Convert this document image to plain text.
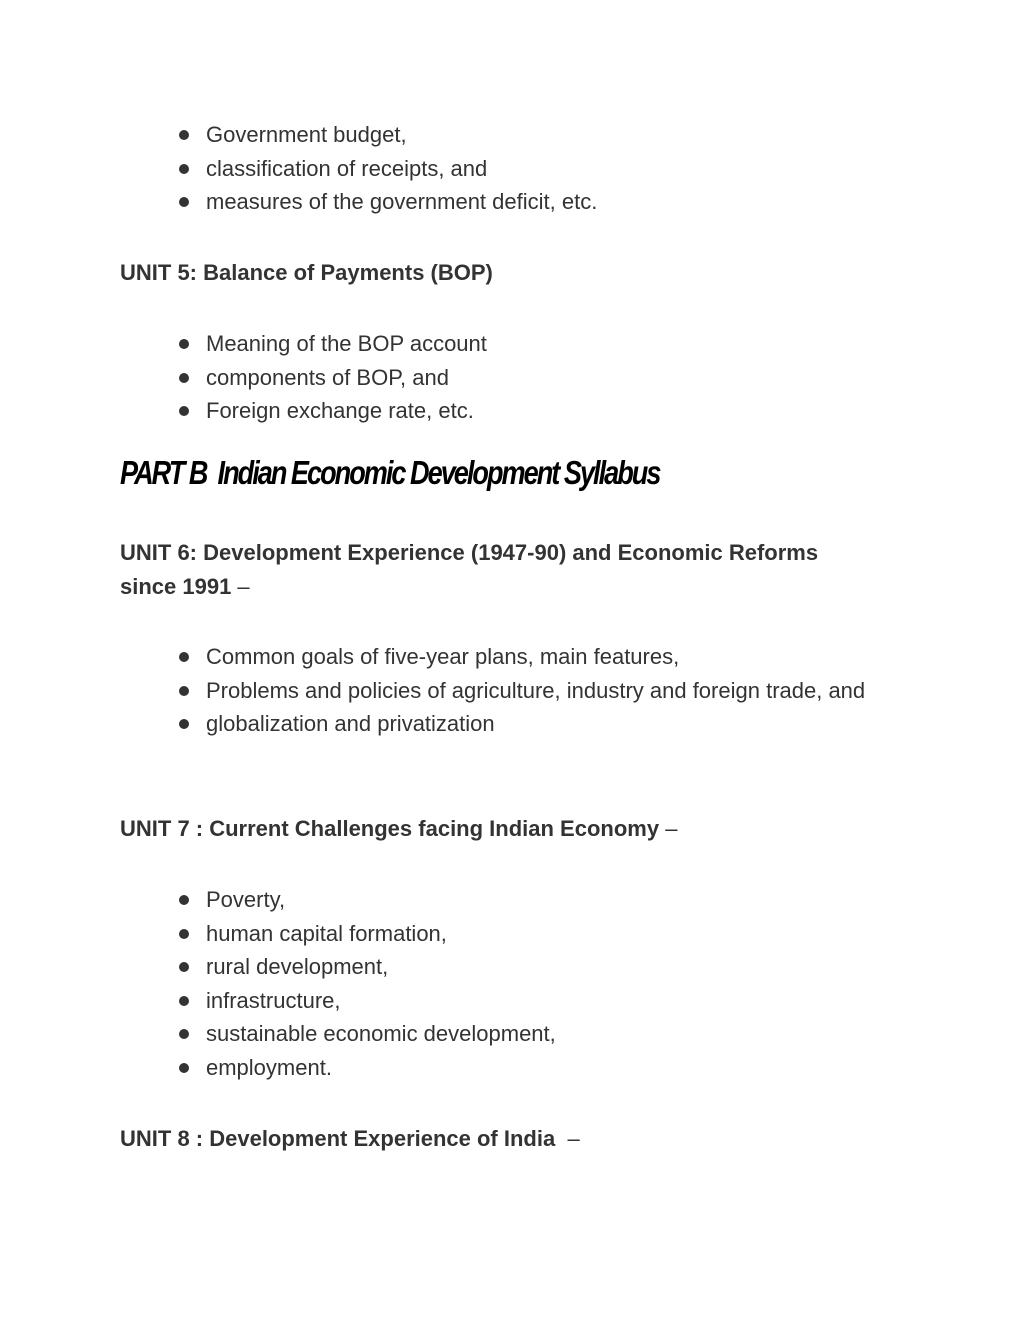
Government budget,
classification of receipts, and
measures of the government deficit, etc.
UNIT 5: Balance of Payments (BOP)
Meaning of the BOP account
components of BOP, and
Foreign exchange rate, etc.
PART B  Indian Economic Development Syllabus
UNIT 6: Development Experience (1947-90) and Economic Reforms since 1991 –
Common goals of five-year plans, main features,
Problems and policies of agriculture, industry and foreign trade, and
globalization and privatization
UNIT 7 : Current Challenges facing Indian Economy –
Poverty,
human capital formation,
rural development,
infrastructure,
sustainable economic development,
employment.
UNIT 8 : Development Experience of India  –
